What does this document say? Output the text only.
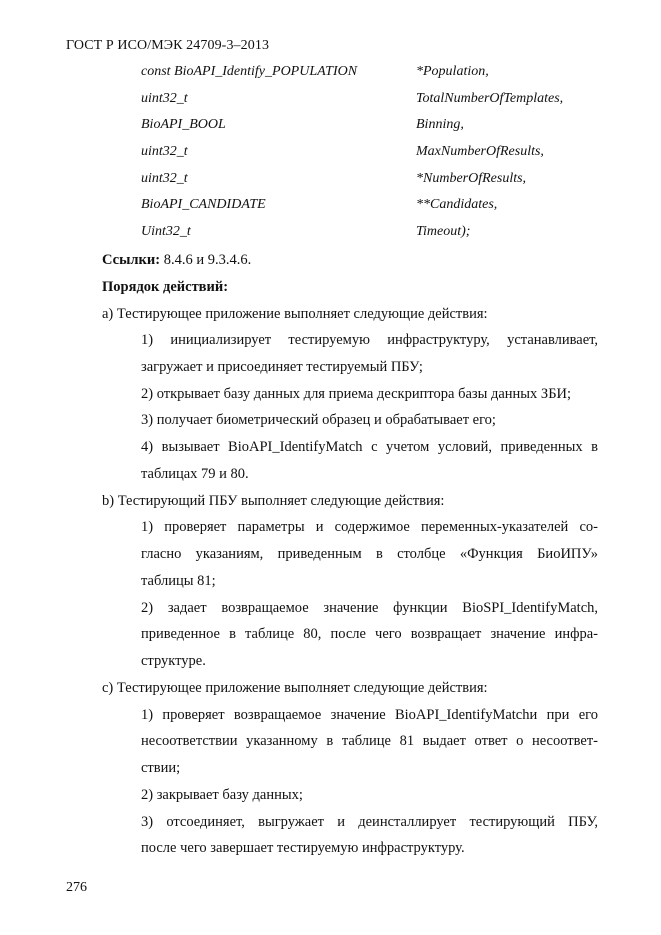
ГОСТ Р ИСО/МЭК 24709-3–2013
const BioAPI_Identify_POPULATION	*Population,
uint32_t	TotalNumberOfTemplates,
BioAPI_BOOL	Binning,
uint32_t	MaxNumberOfResults,
uint32_t	*NumberOfResults,
BioAPI_CANDIDATE	**Candidates,
Uint32_t	Timeout);
Ссылки: 8.4.6 и 9.3.4.6.
Порядок действий:
а) Тестирующее приложение выполняет следующие действия:
1) инициализирует тестируемую инфраструктуру, устанавливает,
загружает и присоединяет тестируемый ПБУ;
2) открывает базу данных для приема дескриптора базы данных ЗБИ;
3) получает биометрический образец и обрабатывает его;
4) вызывает BioAPI_IdentifyMatch с учетом условий, приведенных в
таблицах 79 и 80.
b) Тестирующий ПБУ выполняет следующие действия:
1) проверяет параметры и содержимое переменных-указателей со-
гласно указаниям, приведенным в столбце «Функция БиоИПУ»
таблицы 81;
2) задает возвращаемое значение функции BioSPI_IdentifyMatch,
приведенное в таблице 80, после чего возвращает значение инфра-
структуре.
с) Тестирующее приложение выполняет следующие действия:
1) проверяет возвращаемое значение BioAPI_IdentifyMatchи при его
несоответствии указанному в таблице 81 выдает ответ о несоответ-
ствии;
2) закрывает базу данных;
3) отсоединяет, выгружает и деинсталлирует тестирующий ПБУ,
после чего завершает тестируемую инфраструктуру.
276
